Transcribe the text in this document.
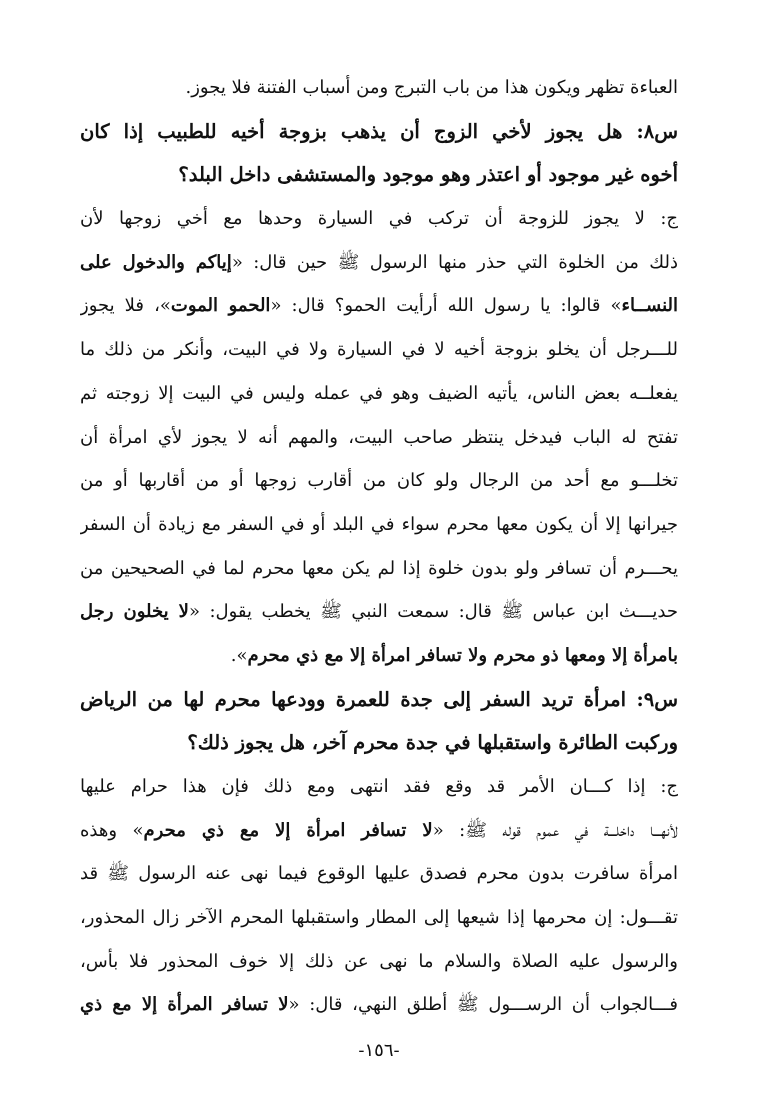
العباءة تظهر ويكون هذا من باب التبرج ومن أسباب الفتنة فلا يجوز.
س٨: هل يجوز لأخي الزوج أن يذهب بزوجة أخيه للطبيب إذا كان
أخوه غير موجود أو اعتذر وهو موجود والمستشفى داخل البلد؟
ج: لا يجوز للزوجة أن تركب في السيارة وحدها مع أخي زوجها لأن
ذلك من الخلوة التي حذر منها الرسول ﷺ حين قال: «إياكم والدخول على
النســاء» قالوا: يا رسول الله أرأيت الحمو؟ قال: «الحمو الموت»، فلا يجوز
للـــرجل أن يخلو بزوجة أخيه لا في السيارة ولا في البيت، وأنكر من ذلك ما
يفعلــه بعض الناس، يأتيه الضيف وهو في عمله وليس في البيت إلا زوجته ثم
تفتح له الباب فيدخل ينتظر صاحب البيت، والمهم أنه لا يجوز لأي امرأة أن
تخلـــو مع أحد من الرجال ولو كان من أقارب زوجها أو من أقاربها أو من
جيرانها إلا أن يكون معها محرم سواء في البلد أو في السفر مع زيادة أن السفر
يحـــرم أن تسافر ولو بدون خلوة إذا لم يكن معها محرم لما في الصحيحين من
حديـــث ابن عباس ﷺ قال: سمعت النبي ﷺ يخطب يقول: «لا يخلون رجل
بامرأة إلا ومعها ذو محرم ولا تسافر امرأة إلا مع ذي محرم».
س٩: امرأة تريد السفر إلى جدة للعمرة وودعها محرم لها من الرياض
وركبت الطائرة واستقبلها في جدة محرم آخر، هل يجوز ذلك؟
ج: إذا كـــان الأمر قد وقع فقد انتهى ومع ذلك فإن هذا حرام عليها
لأنهـــا داخلـــة في عموم قوله ﷺ: «لا تسافر امرأة إلا مع ذي محرم» وهذه
امرأة سافرت بدون محرم فصدق عليها الوقوع فيما نهى عنه الرسول ﷺ قد
تقـــول: إن محرمها إذا شيعها إلى المطار واستقبلها المحرم الآخر زال المحذور،
والرسول عليه الصلاة والسلام ما نهى عن ذلك إلا خوف المحذور فلا بأس،
فـــالجواب أن الرســـول ﷺ أطلق النهي، قال: «لا تسافر المرأة إلا مع ذي
-١٥٦-
